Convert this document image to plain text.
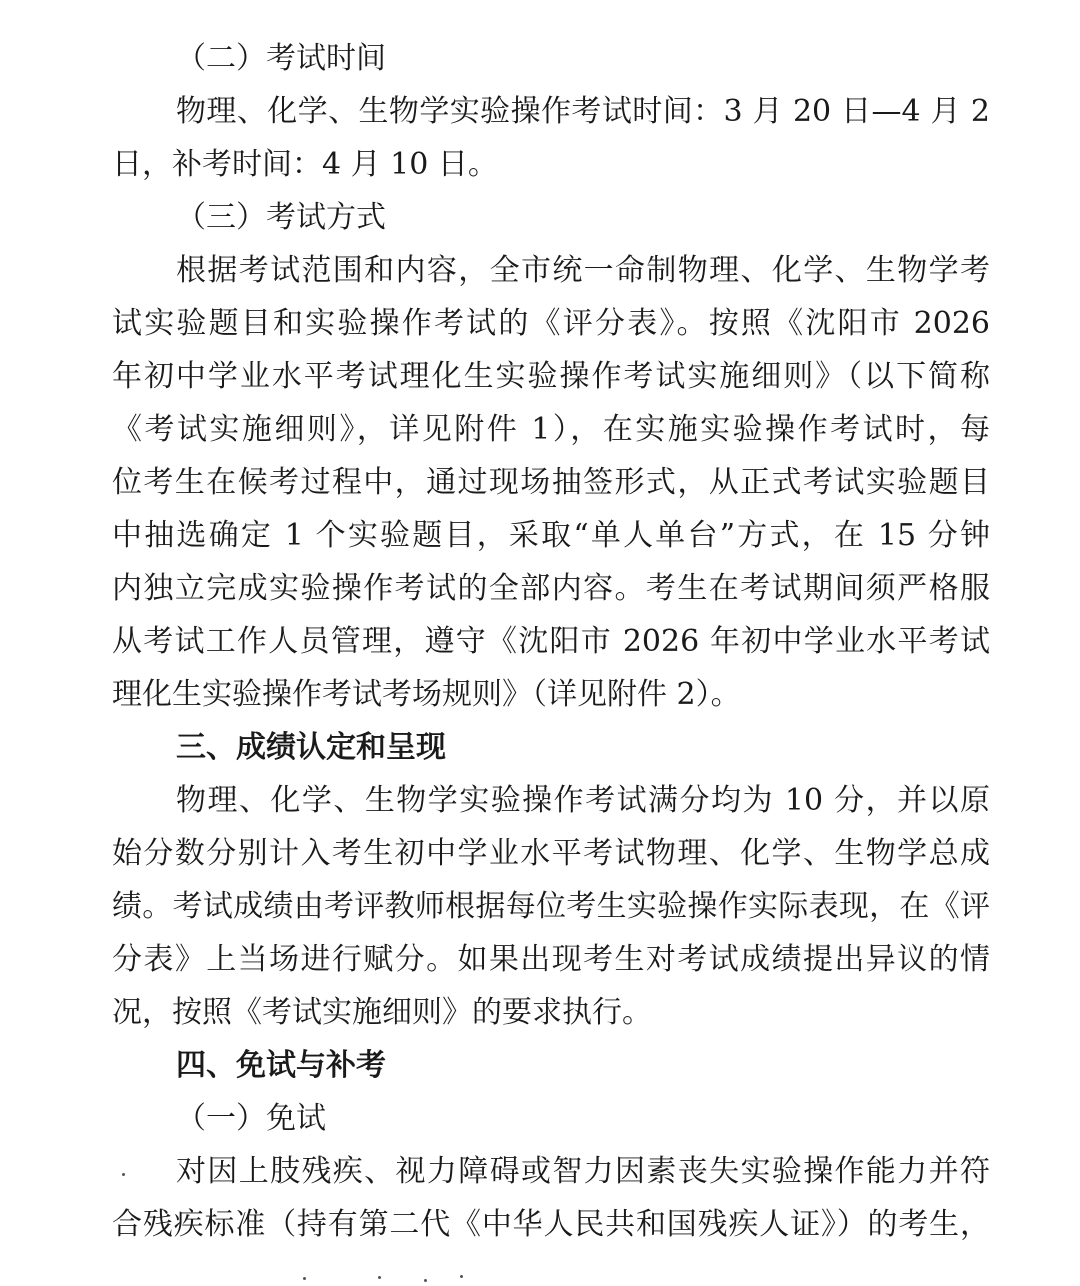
（二）考试时间
物理、化学、生物学实验操作考试时间：3 月 20 日—4 月 2
日，补考时间：4 月 10 日。
（三）考试方式
根据考试范围和内容，全市统一命制物理、化学、生物学考
试实验题目和实验操作考试的《评分表》。按照《沈阳市 2026
年初中学业水平考试理化生实验操作考试实施细则》（以下简称
《考试实施细则》，详见附件 1），在实施实验操作考试时，每
位考生在候考过程中，通过现场抽签形式，从正式考试实验题目
中抽选确定 1 个实验题目，采取“单人单台”方式，在 15 分钟
内独立完成实验操作考试的全部内容。考生在考试期间须严格服
从考试工作人员管理，遵守《沈阳市 2026 年初中学业水平考试
理化生实验操作考试考场规则》（详见附件 2）。
三、成绩认定和呈现
物理、化学、生物学实验操作考试满分均为 10 分，并以原
始分数分别计入考生初中学业水平考试物理、化学、生物学总成
绩。考试成绩由考评教师根据每位考生实验操作实际表现，在《评
分表》上当场进行赋分。如果出现考生对考试成绩提出异议的情
况，按照《考试实施细则》的要求执行。
四、免试与补考
（一）免试
对因上肢残疾、视力障碍或智力因素丧失实验操作能力并符
合残疾标准（持有第二代《中华人民共和国残疾人证》）的考生，
